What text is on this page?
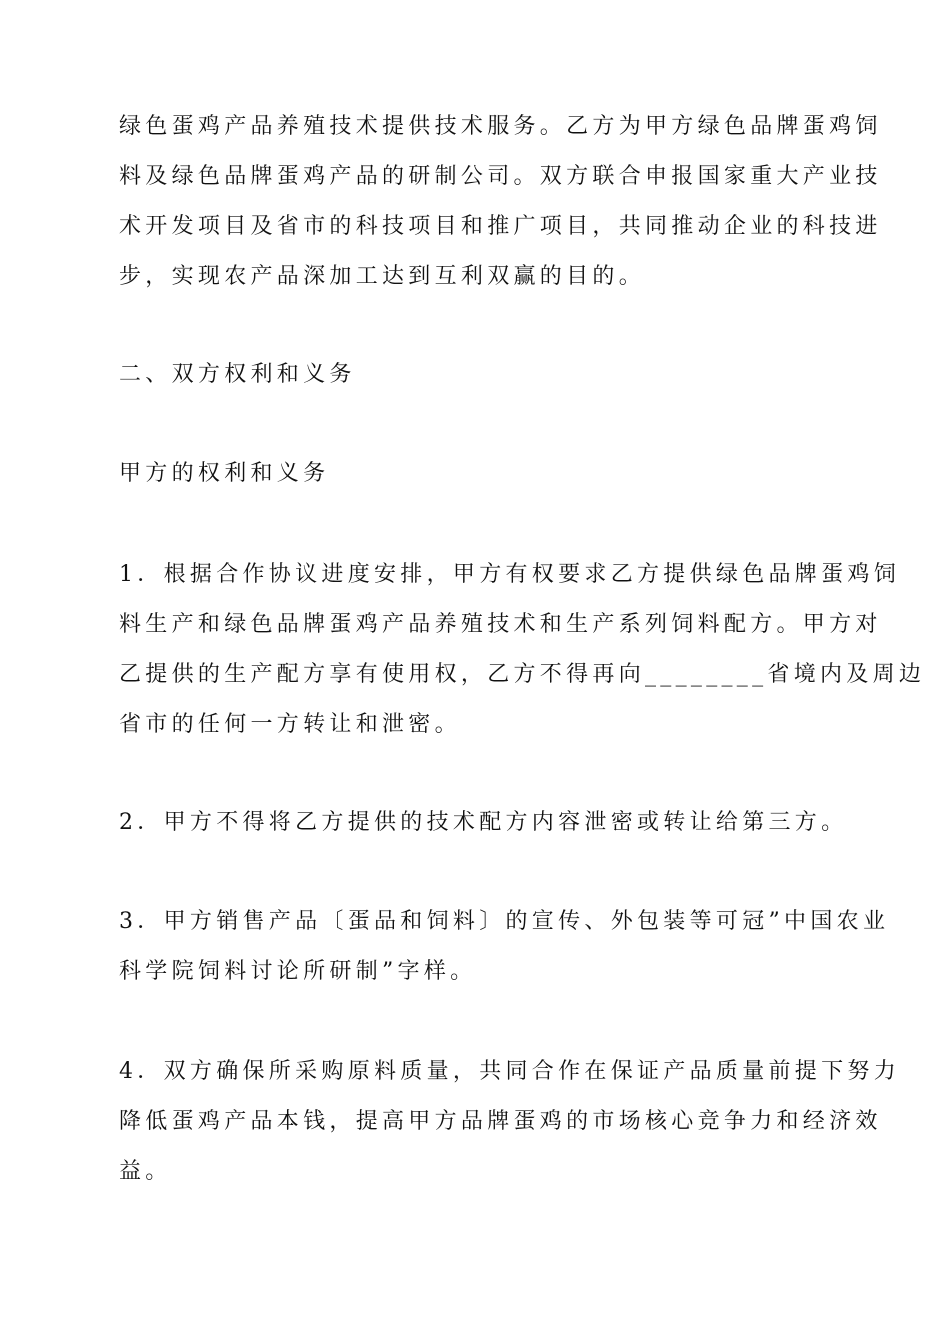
绿色蛋鸡产品养殖技术提供技术服务。乙方为甲方绿色品牌蛋鸡饲
料及绿色品牌蛋鸡产品的研制公司。双方联合申报国家重大产业技
术开发项目及省市的科技项目和推广项目，共同推动企业的科技进
步，实现农产品深加工达到互利双赢的目的。

二、双方权利和义务

甲方的权利和义务

1．根据合作协议进度安排，甲方有权要求乙方提供绿色品牌蛋鸡饲
料生产和绿色品牌蛋鸡产品养殖技术和生产系列饲料配方。甲方对
乙提供的生产配方享有使用权，乙方不得再向________省境内及周边
省市的任何一方转让和泄密。

2．甲方不得将乙方提供的技术配方内容泄密或转让给第三方。

3．甲方销售产品〔蛋品和饲料〕的宣传、外包装等可冠”中国农业
科学院饲料讨论所研制”字样。

4．双方确保所采购原料质量，共同合作在保证产品质量前提下努力
降低蛋鸡产品本钱，提高甲方品牌蛋鸡的市场核心竞争力和经济效
益。
